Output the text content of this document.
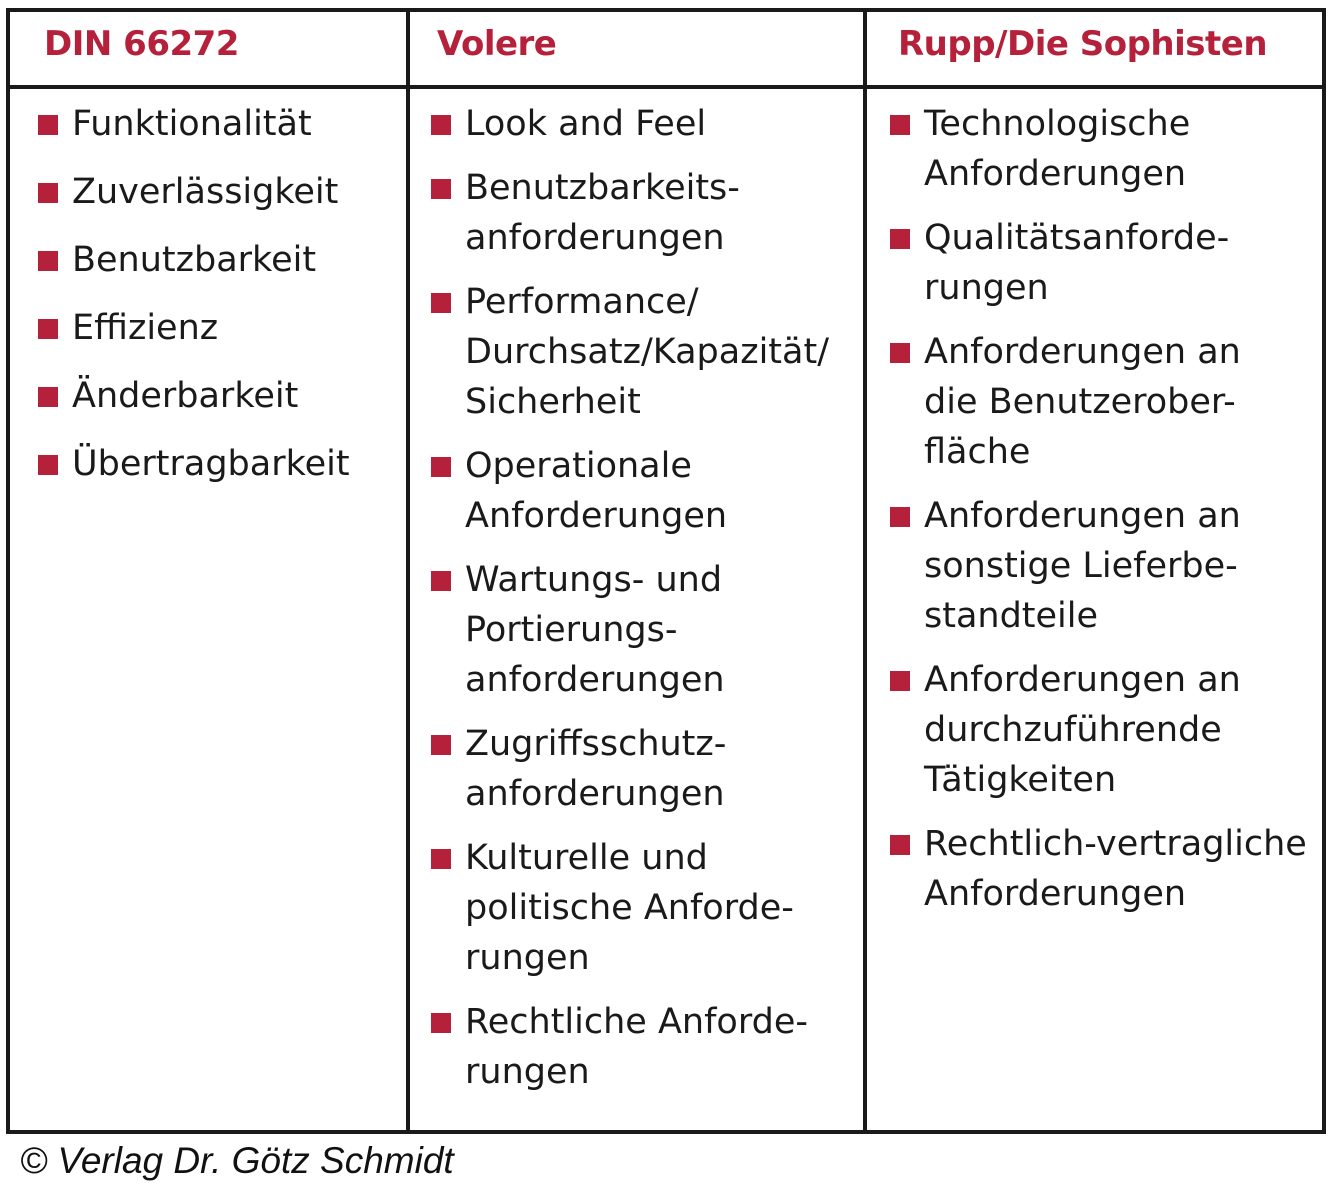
DIN 66272	Volere	Rupp/Die Sophisten
Funktionalität
Zuverlässigkeit
Benutzbarkeit
Effizienz
Änderbarkeit
Übertragbarkeit
Look and Feel
Benutzbarkeits-
anforderungen
Performance/
Durchsatz/Kapazität/
Sicherheit
Operationale
Anforderungen
Wartungs- und
Portierungs-
anforderungen
Zugriffsschutz-
anforderungen
Kulturelle und
politische Anforde-
rungen
Rechtliche Anforde-
rungen
Technologische
Anforderungen
Qualitätsanforde-
rungen
Anforderungen an
die Benutzerober-
fläche
Anforderungen an
sonstige Lieferbe-
standteile
Anforderungen an
durchzuführende
Tätigkeiten
Rechtlich-vertragliche
Anforderungen
© Verlag Dr. Götz Schmidt
